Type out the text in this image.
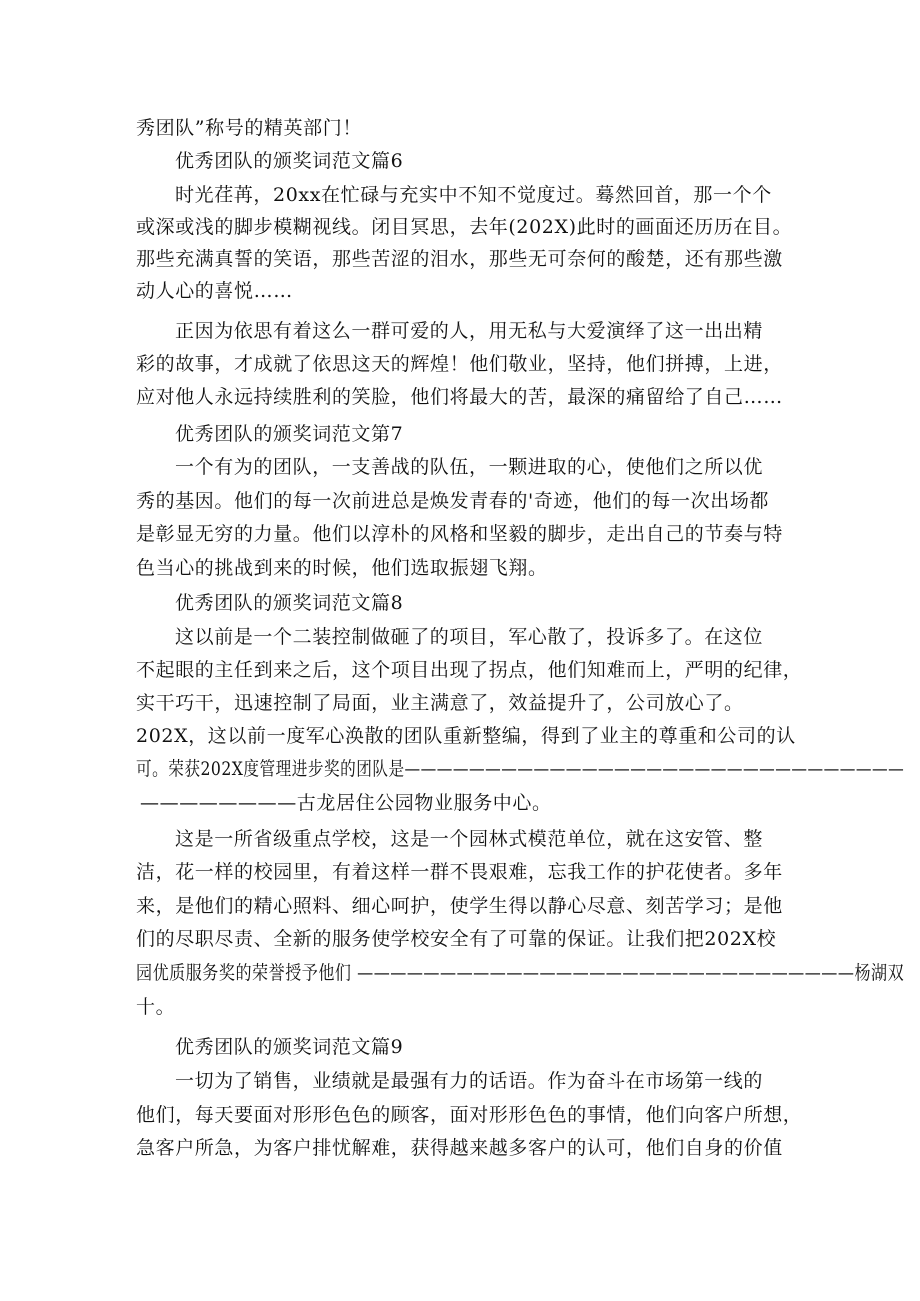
秀团队”称号的精英部门！
优秀团队的颁奖词范文篇6
时光荏苒，20xx在忙碌与充实中不知不觉度过。蓦然回首，那一个个
或深或浅的脚步模糊视线。闭目冥思，去年(202X)此时的画面还历历在目。
那些充满真誓的笑语，那些苦涩的泪水，那些无可奈何的酸楚，还有那些激
动人心的喜悦……
正因为依思有着这么一群可爱的人，用无私与大爱演绎了这一出出精
彩的故事，才成就了依思这天的辉煌！他们敬业，坚持，他们拼搏，上进，
应对他人永远持续胜利的笑脸，他们将最大的苦，最深的痛留给了自己……
优秀团队的颁奖词范文第7
一个有为的团队，一支善战的队伍，一颗进取的心，使他们之所以优
秀的基因。他们的每一次前进总是焕发青春的'奇迹，他们的每一次出场都
是彰显无穷的力量。他们以淳朴的风格和坚毅的脚步，走出自己的节奏与特
色当心的挑战到来的时候，他们选取振翅飞翔。
优秀团队的颁奖词范文篇8
这以前是一个二装控制做砸了的项目，军心散了，投诉多了。在这位
不起眼的主任到来之后，这个项目出现了拐点，他们知难而上，严明的纪律，
实干巧干，迅速控制了局面，业主满意了，效益提升了，公司放心了。
202X，这以前一度军心涣散的团队重新整编，得到了业主的尊重和公司的认
可。荣获202X度管理进步奖的团队是———————————————————————————————
————————古龙居住公园物业服务中心。
这是一所省级重点学校，这是一个园林式模范单位，就在这安管、整
洁，花一样的校园里，有着这样一群不畏艰难，忘我工作的护花使者。多年
来，是他们的精心照料、细心呵护，使学生得以静心尽意、刻苦学习；是他
们的尽职尽责、全新的服务使学校安全有了可靠的保证。让我们把202X校
园优质服务奖的荣誉授予他们 ——————————————————————————————杨湖双
十。
优秀团队的颁奖词范文篇9
一切为了销售，业绩就是最强有力的话语。作为奋斗在市场第一线的
他们，每天要面对形形色色的顾客，面对形形色色的事情，他们向客户所想，
急客户所急，为客户排忧解难，获得越来越多客户的认可，他们自身的价值
